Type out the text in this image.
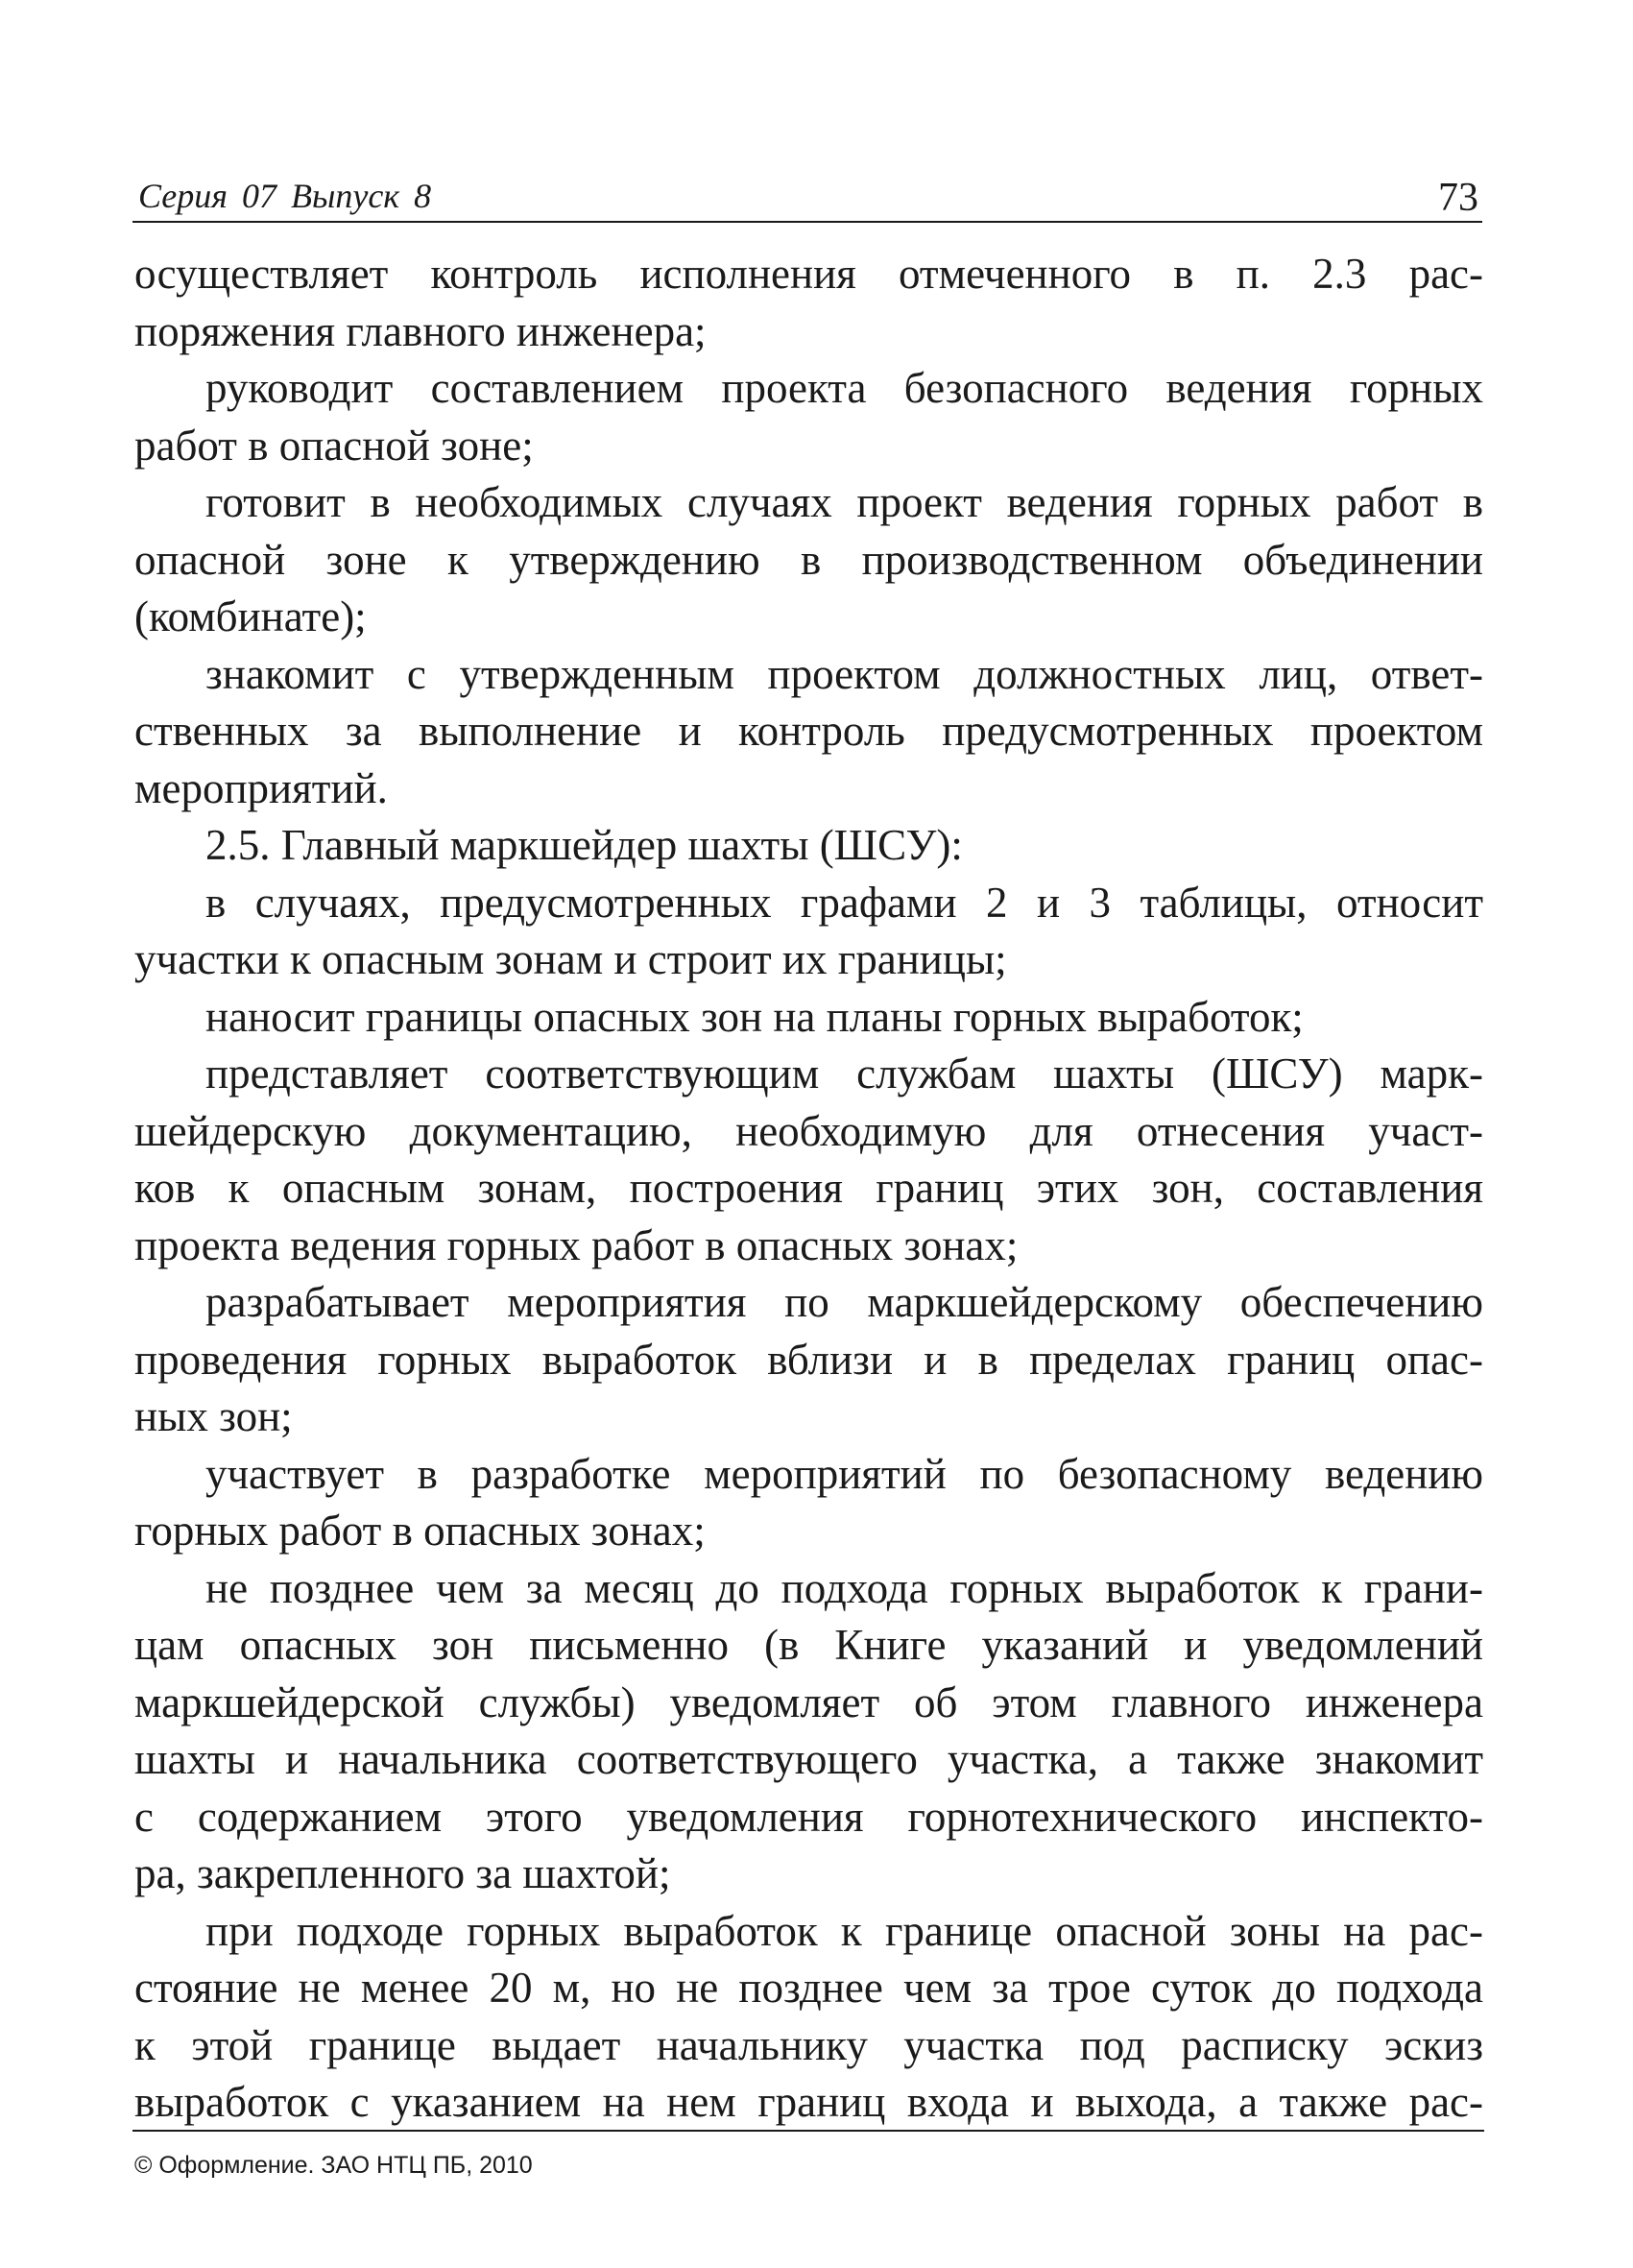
Серия 07 Выпуск 8	73
осуществляет контроль исполнения отмеченного в п. 2.3 рас-
поряжения главного инженера;
руководит составлением проекта безопасного ведения горных
работ в опасной зоне;
готовит в необходимых случаях проект ведения горных работ в
опасной зоне к утверждению в производственном объединении
(комбинате);
знакомит с утвержденным проектом должностных лиц, ответ-
ственных за выполнение и контроль предусмотренных проектом
мероприятий.
2.5. Главный маркшейдер шахты (ШСУ):
в случаях, предусмотренных графами 2 и 3 таблицы, относит
участки к опасным зонам и строит их границы;
наносит границы опасных зон на планы горных выработок;
представляет соответствующим службам шахты (ШСУ) марк-
шейдерскую документацию, необходимую для отнесения участ-
ков к опасным зонам, построения границ этих зон, составления
проекта ведения горных работ в опасных зонах;
разрабатывает мероприятия по маркшейдерскому обеспечению
проведения горных выработок вблизи и в пределах границ опас-
ных зон;
участвует в разработке мероприятий по безопасному ведению
горных работ в опасных зонах;
не позднее чем за месяц до подхода горных выработок к грани-
цам опасных зон письменно (в Книге указаний и уведомлений
маркшейдерской службы) уведомляет об этом главного инженера
шахты и начальника соответствующего участка, а также знакомит
с содержанием этого уведомления горнотехнического инспекто-
ра, закрепленного за шахтой;
при подходе горных выработок к границе опасной зоны на рас-
стояние не менее 20 м, но не позднее чем за трое суток до подхода
к этой границе выдает начальнику участка под расписку эскиз
выработок с указанием на нем границ входа и выхода, а также рас-
© Оформление. ЗАО НТЦ ПБ, 2010
